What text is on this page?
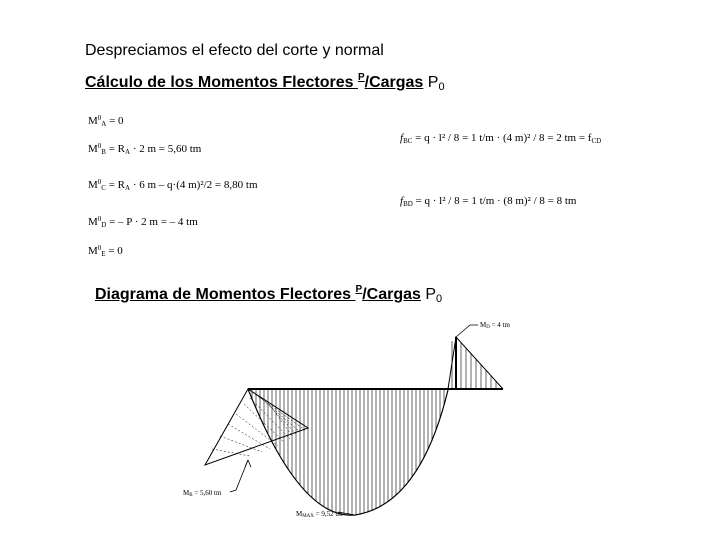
Despreciamos el efecto del corte y normal
Cálculo de los Momentos Flectores $^P$/Cargas $P_0$
$M^0A = 0$
$M^0B$ = RA · 2 m = 5,60 tm
$M^0C$ = RA · 6 m – q·(4 m)²/2 = 8,80 tm
$M^0D$ = – P · 2 m = – 4 tm
$M^0E = 0$
fBC = q · l² / 8 = 1 t/m · (4 m)² / 8 = 2 tm = fCD
fBD = q · l² / 8 = 1 t/m · (8 m)² / 8 = 8 tm
Diagrama de Momentos Flectores $^P$/Cargas $P_0$
MD = 4 tm
MB = 5,60 tm
MMAX = 9,52 tm
